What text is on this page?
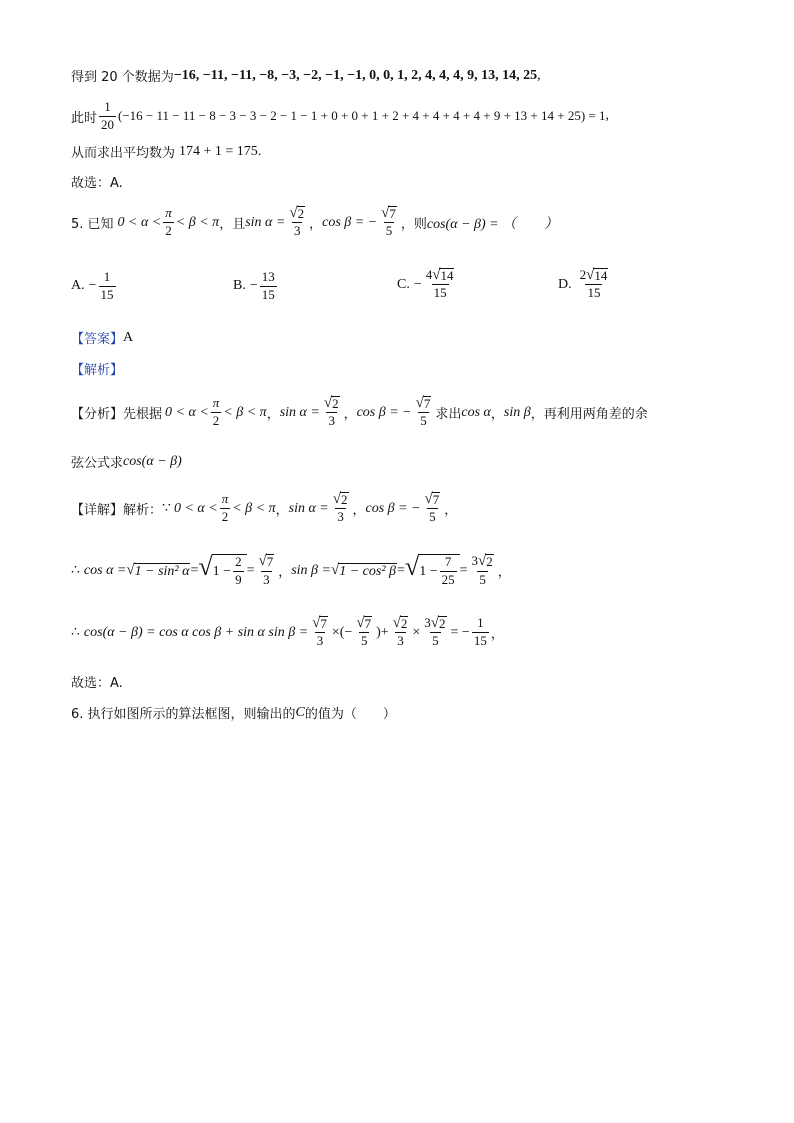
得到 20 个数据为 −16, −11, −11, −8, −3, −2, −1, −1, 0, 0, 1, 2, 4, 4, 4, 9, 13, 14, 25 ,
此时 $\frac{1}{20} (-16 - 11 - 11 - 8 - 3 - 3 - 2 - 1 - 1 + 0 + 0 + 1 + 2 + 4 + 4 + 4 + 4 + 9 + 13 + 14 + 25) = 1$ ,
从而求出平均数为 174 + 1 = 175 .
故选：A.
5. 已知 $0 < \alpha < \frac{\pi}{2} < \beta < \pi$ ，且 $\sin \alpha = \frac{√ 2}{3}$ ， cos β = − $\frac{√ 7}{5}$ ，则 cos(α − β) = （　　）
A. − $\frac{1}{15}$	B. − $\frac{13}{15}$	C. − $\frac{4 √ 14}{15}$	D. $\frac{2 √ 14}{15}$
【答案】 A
【解析】
【分析】 先根据 $0 < \alpha < \frac{\pi}{2} < \beta < \pi$ ， $\sin \alpha = \frac{√ 2}{3}$ ， cos β = − $\frac{√ 7}{5}$ 求出 cos α ， sin β ，再利用两角差的余
弦公式求 cos(α − β)
【详解】 解析： ∵ $0 < \alpha < \frac{\pi}{2} < \beta < \pi$ ， $\sin \alpha = \frac{√ 2}{3}$ ， cos β = − $\frac{√ 7}{5}$ ，
∴ cos α = √ 1 − sin² α = √ $1 - \frac{2}{9} = \frac{√ 7}{3}$ ， sin β = √ 1 − cos² β = √ $1 - \frac{7}{25} = \frac{3 √ 2}{5}$ ，
∴ cos(α − β) = cos α cos β + sin α $\sin \beta = \frac{√ 7}{3}$ ×(− $\frac{√ 7}{5}$ )+ $\frac{√ 2}{3} \times \frac{3 √ 2}{5}$ = − $\frac{1}{15}$ ，
故选：A.
6. 执行如图所示的算法框图，则输出的 C 的值为（　　）
